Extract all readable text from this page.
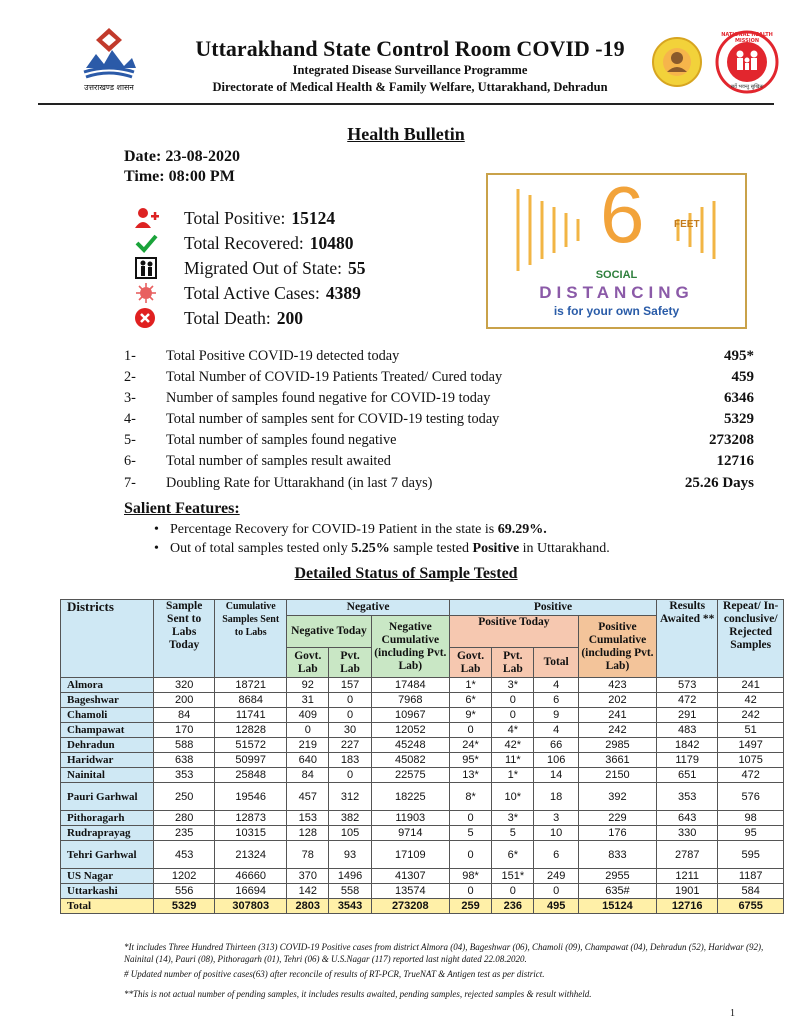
उत्तराखण्ड शासन
Uttarakhand State Control Room COVID -19
Integrated Disease Surveillance Programme
Directorate of Medical Health & Family Welfare, Uttarakhand, Dehradun
NATIONAL HEALTH MISSION
सर्वे भवन्तु सुखिनः
Health Bulletin
Date: 23-08-2020
Time: 08:00 PM
Total Positive: 15124
Total Recovered: 10480
Migrated Out of State: 55
Total Active Cases: 4389
Total Death: 200
6	FEET
SOCIAL
DISTANCING
is for your own Safety
1-	Total Positive COVID-19 detected today	495*
2-	Total Number of COVID-19 Patients Treated/ Cured today	459
3-	Number of samples found negative for COVID-19 today	6346
4-	Total number of samples sent for COVID-19 testing today	5329
5-	Total number of samples found negative	273208
6-	Total number of samples result awaited	12716
7-	Doubling Rate for Uttarakhand (in last 7 days)	25.26 Days
Salient Features:
• Percentage Recovery for COVID-19 Patient in the state is 69.29%.
• Out of total samples tested only 5.25% sample tested Positive in Uttarakhand.
Detailed Status of Sample Tested
Districts	Sample Sent to Labs Today	Cumulative Samples Sent to Labs	Negative			Positive				Results Awaited **	Repeat/ In-conclusive/ Rejected Samples
			Negative Today		Negative Cumulative (including Pvt. Lab)	Positive Today			Positive Cumulative (including Pvt. Lab)		
			Govt. Lab	Pvt. Lab		Govt. Lab	Pvt. Lab	Total			
Almora	320	18721	92	157	17484	1*	3*	4	423	573	241
Bageshwar	200	8684	31	0	7968	6*	0	6	202	472	42
Chamoli	84	11741	409	0	10967	9*	0	9	241	291	242
Champawat	170	12828	0	30	12052	0	4*	4	242	483	51
Dehradun	588	51572	219	227	45248	24*	42*	66	2985	1842	1497
Haridwar	638	50997	640	183	45082	95*	11*	106	3661	1179	1075
Nainital	353	25848	84	0	22575	13*	1*	14	2150	651	472
Pauri Garhwal	250	19546	457	312	18225	8*	10*	18	392	353	576
Pithoragarh	280	12873	153	382	11903	0	3*	3	229	643	98
Rudraprayag	235	10315	128	105	9714	5	5	10	176	330	95
Tehri Garhwal	453	21324	78	93	17109	0	6*	6	833	2787	595
US Nagar	1202	46660	370	1496	41307	98*	151*	249	2955	1211	1187
Uttarkashi	556	16694	142	558	13574	0	0	0	635#	1901	584
Total	5329	307803	2803	3543	273208	259	236	495	15124	12716	6755
*It includes Three Hundred Thirteen (313) COVID-19 Positive cases from district Almora (04), Bageshwar (06), Chamoli (09), Champawat (04), Dehradun (52), Haridwar (92), Nainital (14), Pauri (08), Pithoragarh (01), Tehri (06) & U.S.Nagar (117) reported last night dated 22.08.2020.
# Updated number of positive cases(63) after reconcile of results of RT-PCR, TrueNAT & Antigen test as per district.
**This is not actual number of pending samples, it includes results awaited, pending samples, rejected samples & result withheld.
1
